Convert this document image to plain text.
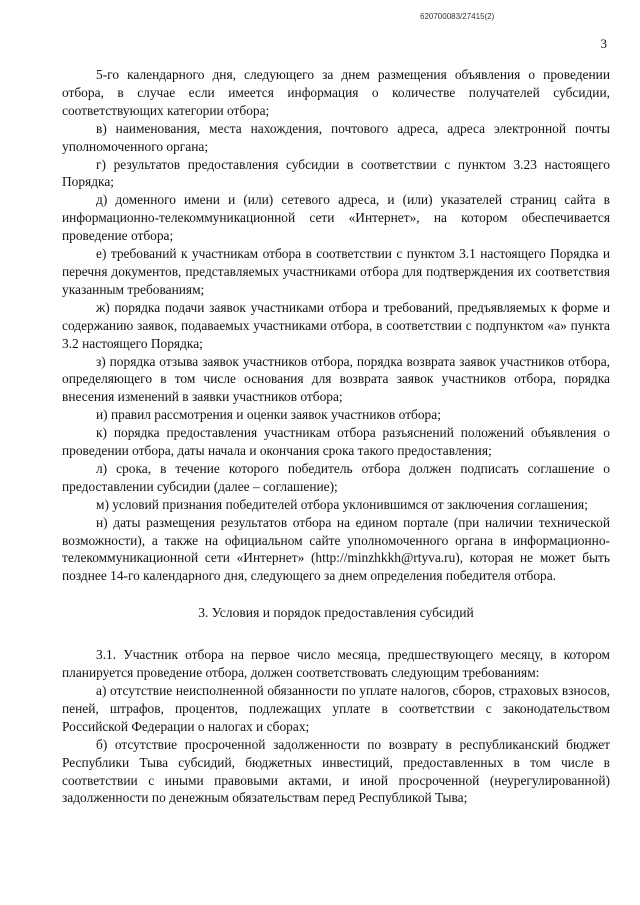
620700083/27415(2)
3

5-го календарного дня, следующего за днем размещения объявления о проведении отбора, в случае если имеется информация о количестве получателей субсидии, соответствующих категории отбора;

в) наименования, места нахождения, почтового адреса, адреса электронной почты уполномоченного органа;

г) результатов предоставления субсидии в соответствии с пунктом 3.23 настоящего Порядка;

д) доменного имени и (или) сетевого адреса, и (или) указателей страниц сайта в информационно-телекоммуникационной сети «Интернет», на котором обеспечивается проведение отбора;

е) требований к участникам отбора в соответствии с пунктом 3.1 настоящего Порядка и перечня документов, представляемых участниками отбора для подтверждения их соответствия указанным требованиям;

ж) порядка подачи заявок участниками отбора и требований, предъявляемых к форме и содержанию заявок, подаваемых участниками отбора, в соответствии с подпунктом «а» пункта 3.2 настоящего Порядка;

з) порядка отзыва заявок участников отбора, порядка возврата заявок участников отбора, определяющего в том числе основания для возврата заявок участников отбора, порядка внесения изменений в заявки участников отбора;

и) правил рассмотрения и оценки заявок участников отбора;

к) порядка предоставления участникам отбора разъяснений положений объявления о проведении отбора, даты начала и окончания срока такого предоставления;

л) срока, в течение которого победитель отбора должен подписать соглашение о предоставлении субсидии (далее – соглашение);

м) условий признания победителей отбора уклонившимся от заключения соглашения;

н) даты размещения результатов отбора на едином портале (при наличии технической возможности), а также на официальном сайте уполномоченного органа в информационно-телекоммуникационной сети «Интернет» (http://minzhkkh@rtyva.ru), которая не может быть позднее 14-го календарного дня, следующего за днем определения победителя отбора.

3. Условия и порядок предоставления субсидий

3.1. Участник отбора на первое число месяца, предшествующего месяцу, в котором планируется проведение отбора, должен соответствовать следующим требованиям:

а) отсутствие неисполненной обязанности по уплате налогов, сборов, страховых взносов, пеней, штрафов, процентов, подлежащих уплате в соответствии с законодательством Российской Федерации о налогах и сборах;

б) отсутствие просроченной задолженности по возврату в республиканский бюджет Республики Тыва субсидий, бюджетных инвестиций, предоставленных в том числе в соответствии с иными правовыми актами, и иной просроченной (неурегулированной) задолженности по денежным обязательствам перед Республикой Тыва;
